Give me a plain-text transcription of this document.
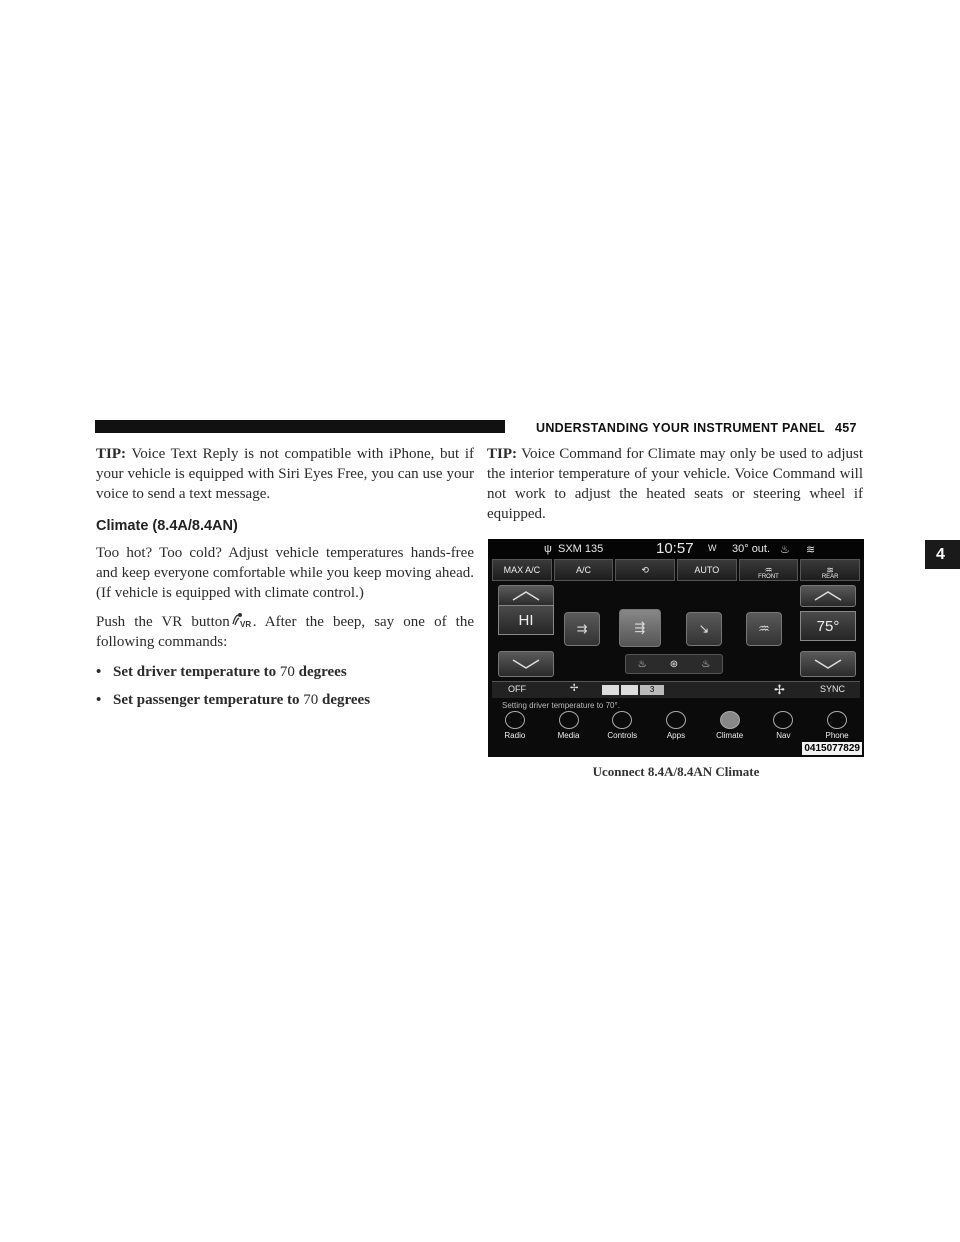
UNDERSTANDING YOUR INSTRUMENT PANEL 457
4

TIP: Voice Text Reply is not compatible with iPhone, but if your vehicle is equipped with Siri Eyes Free, you can use your voice to send a text message.

Climate (8.4A/8.4AN)

Too hot? Too cold? Adjust vehicle temperatures hands-free and keep everyone comfortable while you keep moving ahead. (If vehicle is equipped with climate control.)

Push the VR button VR . After the beep, say one of the following commands:

• Set driver temperature to 70 degrees
• Set passenger temperature to 70 degrees

TIP: Voice Command for Climate may only be used to adjust the interior temperature of your vehicle. Voice Command will not work to adjust the heated seats or steering wheel if equipped.

ψ SXM 135	10:57 W 30° out. ♨ ≋
MAX A/C	A/C	⟲	AUTO	♒
FRONT
≋
REAR
HI	⇉	⇶	↘	♒	75°
♨ ⊛ ♨
OFF	✢	3	✢	SYNC
Setting driver temperature to 70°.
Radio	Media	Controls	Apps	Climate	Nav	Phone
0415077829
Uconnect 8.4A/8.4AN Climate
